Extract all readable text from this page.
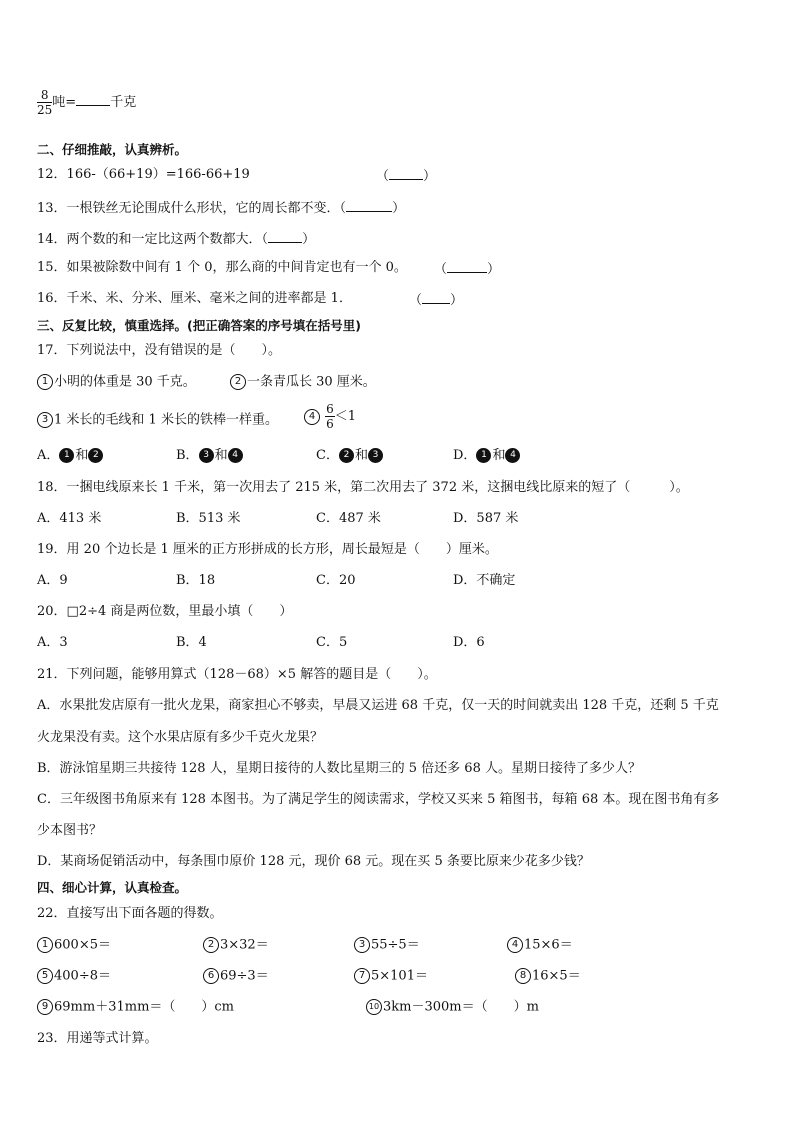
$\frac{8}{25}$ 吨=	千克
二、仔细推敲，认真辨析。
12．166-（66+19）=166-66+19	（	）
13．一根铁丝无论围成什么形状，它的周长都不变．（	）
14．两个数的和一定比这两个数都大．（	）
15．如果被除数中间有 1 个 0，那么商的中间肯定也有一个 0。 （	）
16．千米、米、分米、厘米、毫米之间的进率都是 1．	（ ）
三、反复比较，慎重选择。(把正确答案的序号填在括号里)
17．下列说法中，没有错误的是（　　）。
1 小明的体重是 30 千克。	2 一条青瓜长 30 厘米。
3 1 米长的毛线和 1 米长的铁棒一样重。	$4 \frac{6}{6} <1$
A． 1 和 2	B． 3 和 4	C． 2 和 3	D． 1 和 4
18．一捆电线原来长 1 千米，第一次用去了 215 米，第二次用去了 372 米，这捆电线比原来的短了（　　　）。
A．413 米	B．513 米	C．487 米	D．587 米
19．用 20 个边长是 1 厘米的正方形拼成的长方形，周长最短是（　　）厘米。
A．9	B．18	C．20	D．不确定
20．□2÷4 商是两位数，里最小填（　　）
A．3	B．4	C．5	D．6
21．下列问题，能够用算式（128－68）×5 解答的题目是（　　）。
A．水果批发店原有一批火龙果，商家担心不够卖，早晨又运进 68 千克，仅一天的时间就卖出 128 千克，还剩 5 千克
火龙果没有卖。这个水果店原有多少千克火龙果？
B．游泳馆星期三共接待 128 人，星期日接待的人数比星期三的 5 倍还多 68 人。星期日接待了多少人？
C．三年级图书角原来有 128 本图书。为了满足学生的阅读需求，学校又买来 5 箱图书，每箱 68 本。现在图书角有多
少本图书？
D．某商场促销活动中，每条围巾原价 128 元，现价 68 元。现在买 5 条要比原来少花多少钱？
四、细心计算，认真检查。
22．直接写出下面各题的得数。
1 600×5＝	2 3×32＝	3 55÷5＝	4 15×6＝
5 400÷8＝	6 69÷3＝	7 5×101＝	8 16×5＝
9 69mm＋31mm＝（　　）cm	10 3km－300m＝（　　）m
23．用递等式计算。
